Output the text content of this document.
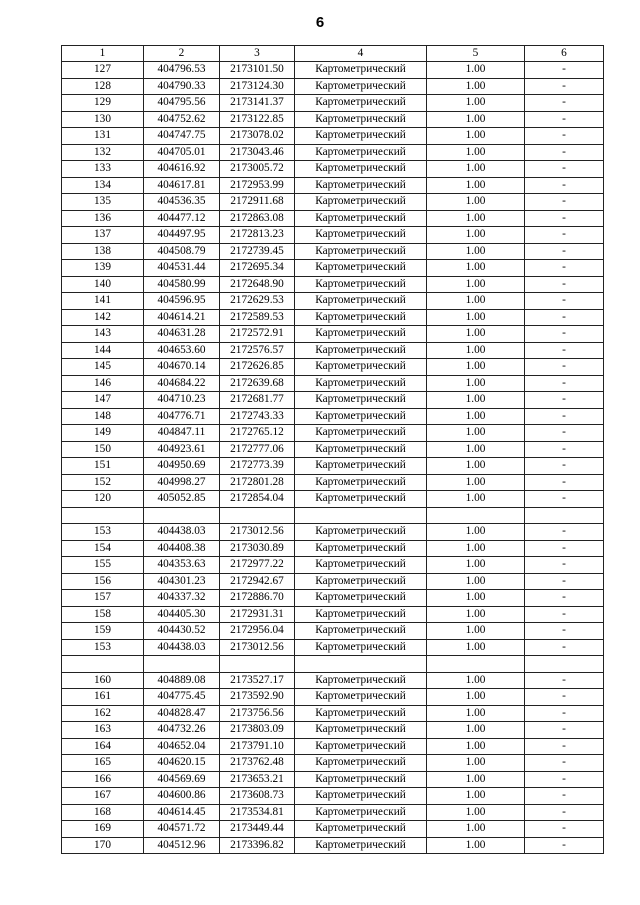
6
1	2	3	4	5	6
127	404796.53	2173101.50	Картометрический	1.00	-
128	404790.33	2173124.30	Картометрический	1.00	-
129	404795.56	2173141.37	Картометрический	1.00	-
130	404752.62	2173122.85	Картометрический	1.00	-
131	404747.75	2173078.02	Картометрический	1.00	-
132	404705.01	2173043.46	Картометрический	1.00	-
133	404616.92	2173005.72	Картометрический	1.00	-
134	404617.81	2172953.99	Картометрический	1.00	-
135	404536.35	2172911.68	Картометрический	1.00	-
136	404477.12	2172863.08	Картометрический	1.00	-
137	404497.95	2172813.23	Картометрический	1.00	-
138	404508.79	2172739.45	Картометрический	1.00	-
139	404531.44	2172695.34	Картометрический	1.00	-
140	404580.99	2172648.90	Картометрический	1.00	-
141	404596.95	2172629.53	Картометрический	1.00	-
142	404614.21	2172589.53	Картометрический	1.00	-
143	404631.28	2172572.91	Картометрический	1.00	-
144	404653.60	2172576.57	Картометрический	1.00	-
145	404670.14	2172626.85	Картометрический	1.00	-
146	404684.22	2172639.68	Картометрический	1.00	-
147	404710.23	2172681.77	Картометрический	1.00	-
148	404776.71	2172743.33	Картометрический	1.00	-
149	404847.11	2172765.12	Картометрический	1.00	-
150	404923.61	2172777.06	Картометрический	1.00	-
151	404950.69	2172773.39	Картометрический	1.00	-
152	404998.27	2172801.28	Картометрический	1.00	-
120	405052.85	2172854.04	Картометрический	1.00	-

153	404438.03	2173012.56	Картометрический	1.00	-
154	404408.38	2173030.89	Картометрический	1.00	-
155	404353.63	2172977.22	Картометрический	1.00	-
156	404301.23	2172942.67	Картометрический	1.00	-
157	404337.32	2172886.70	Картометрический	1.00	-
158	404405.30	2172931.31	Картометрический	1.00	-
159	404430.52	2172956.04	Картометрический	1.00	-
153	404438.03	2173012.56	Картометрический	1.00	-

160	404889.08	2173527.17	Картометрический	1.00	-
161	404775.45	2173592.90	Картометрический	1.00	-
162	404828.47	2173756.56	Картометрический	1.00	-
163	404732.26	2173803.09	Картометрический	1.00	-
164	404652.04	2173791.10	Картометрический	1.00	-
165	404620.15	2173762.48	Картометрический	1.00	-
166	404569.69	2173653.21	Картометрический	1.00	-
167	404600.86	2173608.73	Картометрический	1.00	-
168	404614.45	2173534.81	Картометрический	1.00	-
169	404571.72	2173449.44	Картометрический	1.00	-
170	404512.96	2173396.82	Картометрический	1.00	-
